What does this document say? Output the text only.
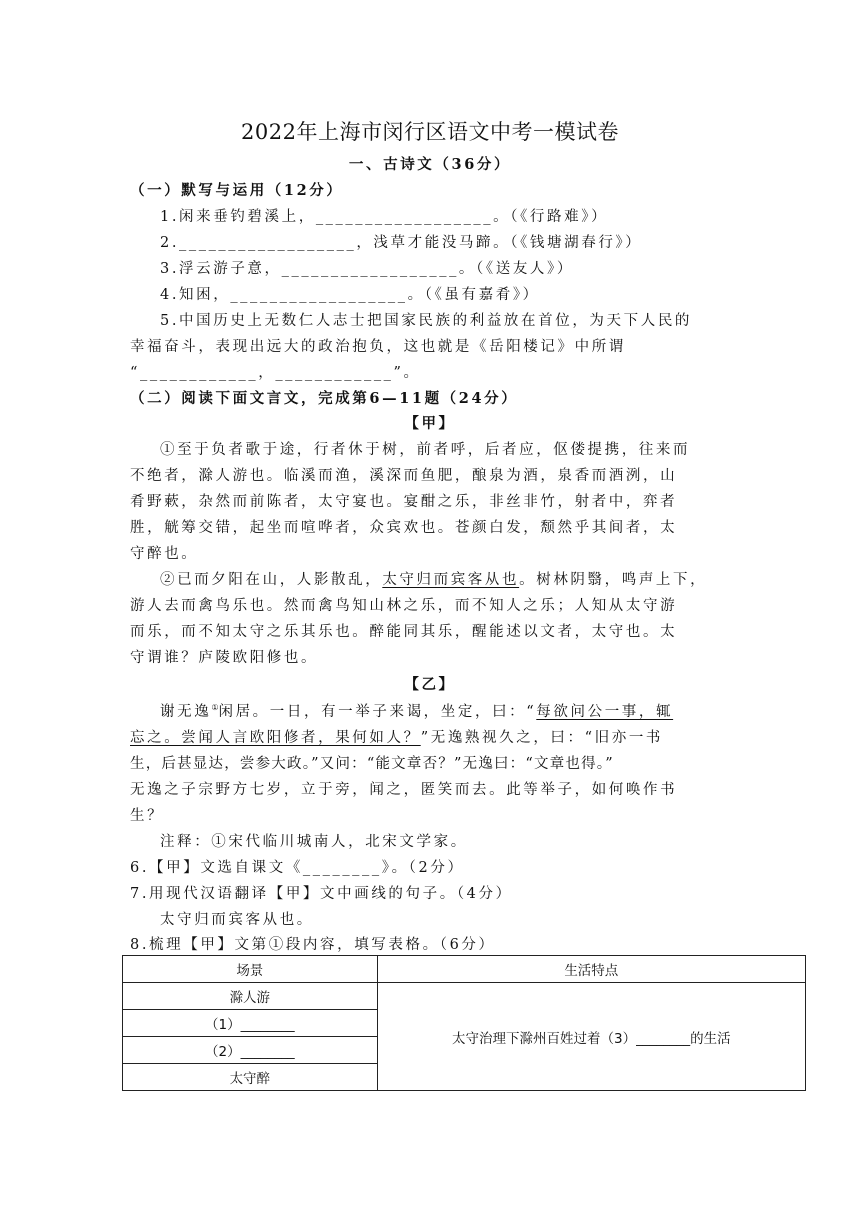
2022年上海市闵行区语文中考一模试卷
一、古诗文（36分）
（一）默写与运用（12分）
1.闲来垂钓碧溪上，__________________。（《行路难》）
2.__________________，浅草才能没马蹄。（《钱塘湖春行》）
3.浮云游子意，__________________。（《送友人》）
4.知困，__________________。（《虽有嘉肴》）
5.中国历史上无数仁人志士把国家民族的利益放在首位，为天下人民的
幸福奋斗，表现出远大的政治抱负，这也就是《岳阳楼记》中所谓
“____________，____________”。
（二）阅读下面文言文，完成第6—11题（24分）
【甲】
①至于负者歌于途，行者休于树，前者呼，后者应，伛偻提携，往来而
不绝者，滁人游也。临溪而渔，溪深而鱼肥，酿泉为酒，泉香而酒洌，山
肴野蔌，杂然而前陈者，太守宴也。宴酣之乐，非丝非竹，射者中，弈者
胜，觥筹交错，起坐而喧哗者，众宾欢也。苍颜白发，颓然乎其间者，太
守醉也。
②已而夕阳在山，人影散乱，太守归而宾客从也。树林阴翳，鸣声上下，
游人去而禽鸟乐也。然而禽鸟知山林之乐，而不知人之乐；人知从太守游
而乐，而不知太守之乐其乐也。醉能同其乐，醒能述以文者，太守也。太
守谓谁？庐陵欧阳修也。
【乙】
谢无逸①闲居。一日，有一举子来谒，坐定，曰：“每欲问公一事，辄
忘之。尝闻人言欧阳修者，果何如人？”无逸熟视久之，曰：“旧亦一书
生，后甚显达，尝参大政。”又问：“能文章否？”无逸曰：“文章也得。”
无逸之子宗野方七岁，立于旁，闻之，匿笑而去。此等举子，如何唤作书
生？
注释：①宋代临川城南人，北宋文学家。
6.【甲】文选自课文《________》。（2分）
7.用现代汉语翻译【甲】文中画线的句子。（4分）
太守归而宾客从也。
8.梳理【甲】文第①段内容，填写表格。（6分）
场景	生活特点
滁人游	太守治理下滁州百姓过着（3）________的生活
（1）________	
（2）________	
太守醉	
